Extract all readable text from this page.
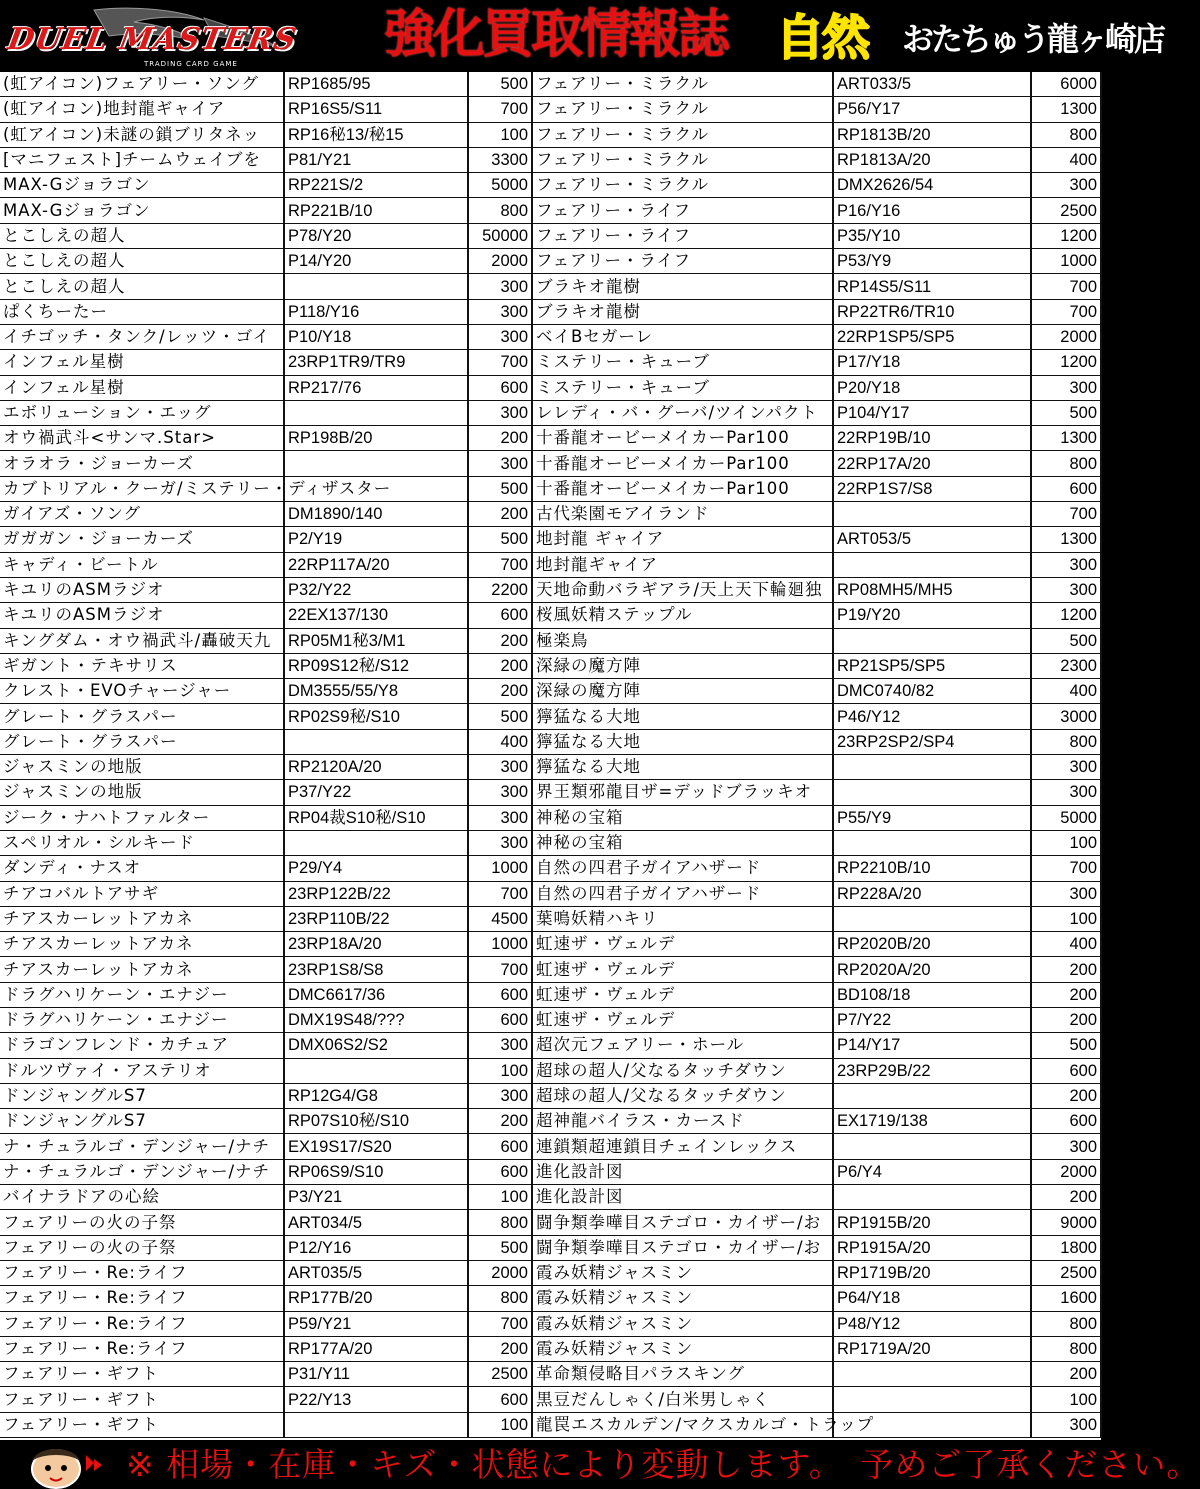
DUEL MASTERS
TRADING CARD GAME	強化買取情報誌 自然 おたちゅう龍ヶ崎店
(虹アイコン)フェアリー・ソング	RP1685/95	500	フェアリー・ミラクル	ART033/5	6000
(虹アイコン)地封龍ギャイア	RP16S5/S11	700	フェアリー・ミラクル	P56/Y17	1300
(虹アイコン)未謎の鎖ブリタネッ	RP16秘13/秘15	100	フェアリー・ミラクル	RP1813B/20	800
[マニフェスト]チームウェイブを	P81/Y21	3300	フェアリー・ミラクル	RP1813A/20	400
MAX-Gジョラゴン	RP221S/2	5000	フェアリー・ミラクル	DMX2626/54	300
MAX-Gジョラゴン	RP221B/10	800	フェアリー・ライフ	P16/Y16	2500
とこしえの超人	P78/Y20	50000	フェアリー・ライフ	P35/Y10	1200
とこしえの超人	P14/Y20	2000	フェアリー・ライフ	P53/Y9	1000
とこしえの超人		300	ブラキオ龍樹	RP14S5/S11	700
ぱくちーたー	P118/Y16	300	ブラキオ龍樹	RP22TR6/TR10	700
イチゴッチ・タンク/レッツ・ゴイ	P10/Y18	300	ベイBセガーレ	22RP1SP5/SP5	2000
インフェル星樹	23RP1TR9/TR9	700	ミステリー・キューブ	P17/Y18	1200
インフェル星樹	RP217/76	600	ミステリー・キューブ	P20/Y18	300
エボリューション・エッグ		300	レレディ・バ・グーバ/ツインパクト	P104/Y17	500
オウ禍武斗<サンマ.Star>	RP198B/20	200	十番龍オービーメイカーPar100	22RP19B/10	1300
オラオラ・ジョーカーズ		300	十番龍オービーメイカーPar100	22RP17A/20	800
カブトリアル・クーガ/ミステリー・ディザスター		500	十番龍オービーメイカーPar100	22RP1S7/S8	600
ガイアズ・ソング	DM1890/140	200	古代楽園モアイランド		700
ガガガン・ジョーカーズ	P2/Y19	500	地封龍 ギャイア	ART053/5	1300
キャディ・ビートル	22RP117A/20	700	地封龍ギャイア		300
キユリのASMラジオ	P32/Y22	2200	天地命動バラギアラ/天上天下輪廻独	RP08MH5/MH5	300
キユリのASMラジオ	22EX137/130	600	桜風妖精ステップル	P19/Y20	1200
キングダム・オウ禍武斗/轟破天九	RP05M1秘3/M1	200	極楽鳥		500
ギガント・テキサリス	RP09S12秘/S12	200	深緑の魔方陣	RP21SP5/SP5	2300
クレスト・EVOチャージャー	DM3555/55/Y8	200	深緑の魔方陣	DMC0740/82	400
グレート・グラスパー	RP02S9秘/S10	500	獰猛なる大地	P46/Y12	3000
グレート・グラスパー		400	獰猛なる大地	23RP2SP2/SP4	800
ジャスミンの地版	RP2120A/20	300	獰猛なる大地		300
ジャスミンの地版	P37/Y22	300	界王類邪龍目ザ=デッドブラッキオ		300
ジーク・ナハトファルター	RP04裁S10秘/S10	300	神秘の宝箱	P55/Y9	5000
スペリオル・シルキード		300	神秘の宝箱		100
ダンディ・ナスオ	P29/Y4	1000	自然の四君子ガイアハザード	RP2210B/10	700
チアコバルトアサギ	23RP122B/22	700	自然の四君子ガイアハザード	RP228A/20	300
チアスカーレットアカネ	23RP110B/22	4500	葉鳴妖精ハキリ		100
チアスカーレットアカネ	23RP18A/20	1000	虹速ザ・ヴェルデ	RP2020B/20	400
チアスカーレットアカネ	23RP1S8/S8	700	虹速ザ・ヴェルデ	RP2020A/20	200
ドラグハリケーン・エナジー	DMC6617/36	600	虹速ザ・ヴェルデ	BD108/18	200
ドラグハリケーン・エナジー	DMX19S48/???	600	虹速ザ・ヴェルデ	P7/Y22	200
ドラゴンフレンド・カチュア	DMX06S2/S2	300	超次元フェアリー・ホール	P14/Y17	500
ドルツヴァイ・アステリオ		100	超球の超人/父なるタッチダウン	23RP29B/22	600
ドンジャングルS7	RP12G4/G8	300	超球の超人/父なるタッチダウン		200
ドンジャングルS7	RP07S10秘/S10	200	超神龍バイラス・カースド	EX1719/138	600
ナ・チュラルゴ・デンジャー/ナチ	EX19S17/S20	600	連鎖類超連鎖目チェインレックス		300
ナ・チュラルゴ・デンジャー/ナチ	RP06S9/S10	600	進化設計図	P6/Y4	2000
バイナラドアの心絵	P3/Y21	100	進化設計図		200
フェアリーの火の子祭	ART034/5	800	闘争類拳嘩目ステゴロ・カイザー/お	RP1915B/20	9000
フェアリーの火の子祭	P12/Y16	500	闘争類拳嘩目ステゴロ・カイザー/お	RP1915A/20	1800
フェアリー・Re:ライフ	ART035/5	2000	霞み妖精ジャスミン	RP1719B/20	2500
フェアリー・Re:ライフ	RP177B/20	800	霞み妖精ジャスミン	P64/Y18	1600
フェアリー・Re:ライフ	P59/Y21	700	霞み妖精ジャスミン	P48/Y12	800
フェアリー・Re:ライフ	RP177A/20	200	霞み妖精ジャスミン	RP1719A/20	800
フェアリー・ギフト	P31/Y11	2500	革命類侵略目パラスキング		200
フェアリー・ギフト	P22/Y13	600	黒豆だんしゃく/白米男しゃく		100
フェアリー・ギフト		100	龍罠エスカルデン/マクスカルゴ・トラップ		300
※ 相場・在庫・キズ・状態により変動します。　予めご了承ください。
